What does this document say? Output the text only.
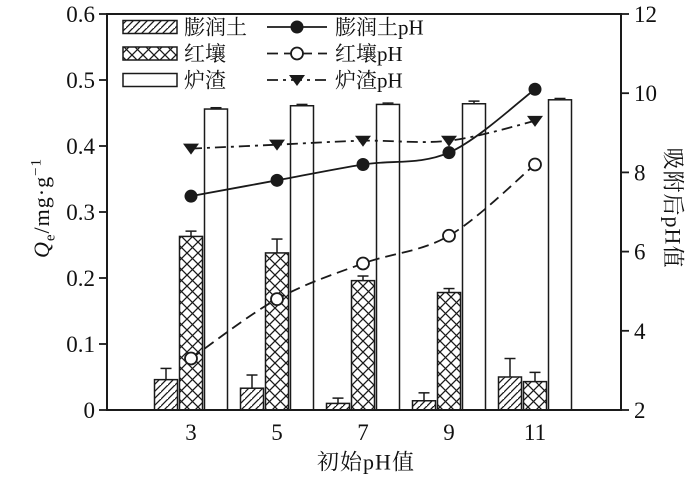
0
0.1
0.2
0.3
0.4
0.5
0.6
2
4
6
8
10
12
3	5	7	9	11
膨润土
红壤
炉渣
膨润土pH
红壤pH
炉渣pH
$Q_e/mg\cdot g^{-1}$	吸附后pH值
初始pH值
